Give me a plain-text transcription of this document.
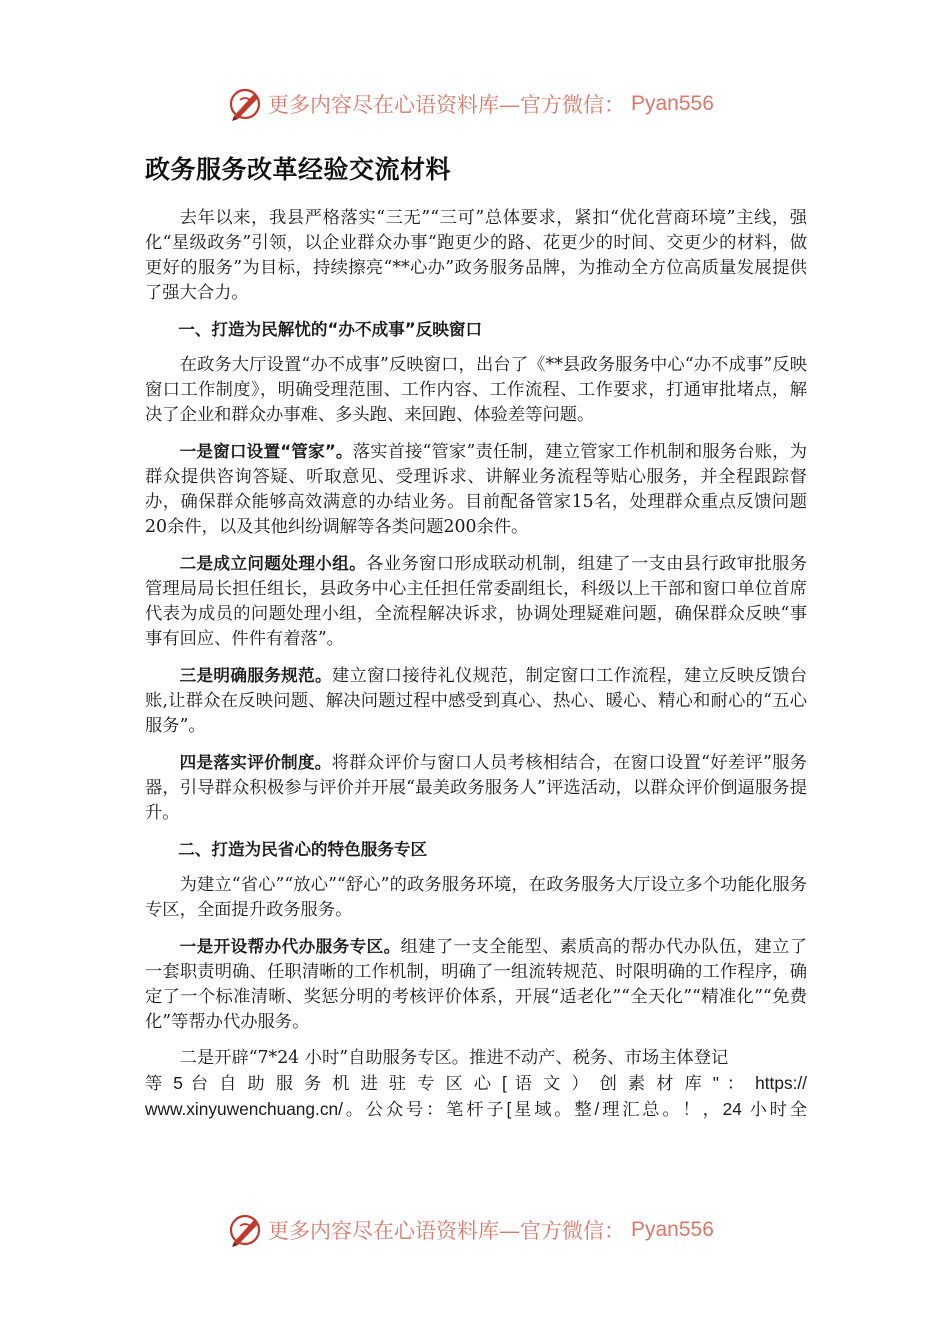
更多内容尽在心语资料库—官方微信： Pyan556
政务服务改革经验交流材料

去年以来，我县严格落实“三无”“三可”总体要求，紧扣“优化营商环境”主线，强化“星级政务”引领，以企业群众办事“跑更少的路、花更少的时间、交更少的材料，做更好的服务”为目标，持续擦亮“**心办”政务服务品牌，为推动全方位高质量发展提供了强大合力。

一、打造为民解忧的“办不成事”反映窗口

在政务大厅设置“办不成事”反映窗口，出台了《**县政务服务中心“办不成事”反映窗口工作制度》，明确受理范围、工作内容、工作流程、工作要求，打通审批堵点，解决了企业和群众办事难、多头跑、来回跑、体验差等问题。

一是窗口设置“管家”。落实首接“管家”责任制，建立管家工作机制和服务台账，为群众提供咨询答疑、听取意见、受理诉求、讲解业务流程等贴心服务，并全程跟踪督办，确保群众能够高效满意的办结业务。目前配备管家15名，处理群众重点反馈问题20余件，以及其他纠纷调解等各类问题200余件。

二是成立问题处理小组。各业务窗口形成联动机制，组建了一支由县行政审批服务管理局局长担任组长，县政务中心主任担任常委副组长，科级以上干部和窗口单位首席代表为成员的问题处理小组，全流程解决诉求，协调处理疑难问题，确保群众反映“事事有回应、件件有着落”。

三是明确服务规范。建立窗口接待礼仪规范，制定窗口工作流程，建立反映反馈台账,让群众在反映问题、解决问题过程中感受到真心、热心、暖心、精心和耐心的“五心服务”。

四是落实评价制度。将群众评价与窗口人员考核相结合，在窗口设置“好差评”服务器，引导群众积极参与评价并开展“最美政务服务人”评选活动，以群众评价倒逼服务提升。

二、打造为民省心的特色服务专区

为建立“省心”“放心”“舒心”的政务服务环境，在政务服务大厅设立多个功能化服务专区，全面提升政务服务。

一是开设帮办代办服务专区。组建了一支全能型、素质高的帮办代办队伍，建立了一套职责明确、任职清晰的工作机制，明确了一组流转规范、时限明确的工作程序，确定了一个标准清晰、奖惩分明的考核评价体系，开展“适老化”“全天化”“精准化”“免费化”等帮办代办服务。

二是开辟“7*24 小时”自助服务专区。推进不动产、税务、市场主体登记

等 5 台 自 助 服 务 机 进 驻 专 区 心 [ 语 文 ） 创 素 材 库 " ： https://

www.xinyuwenchuang.cn/。公众号：笔杆子[星域。整/理汇总。！，24 小时全

更多内容尽在心语资料库—官方微信： Pyan556
